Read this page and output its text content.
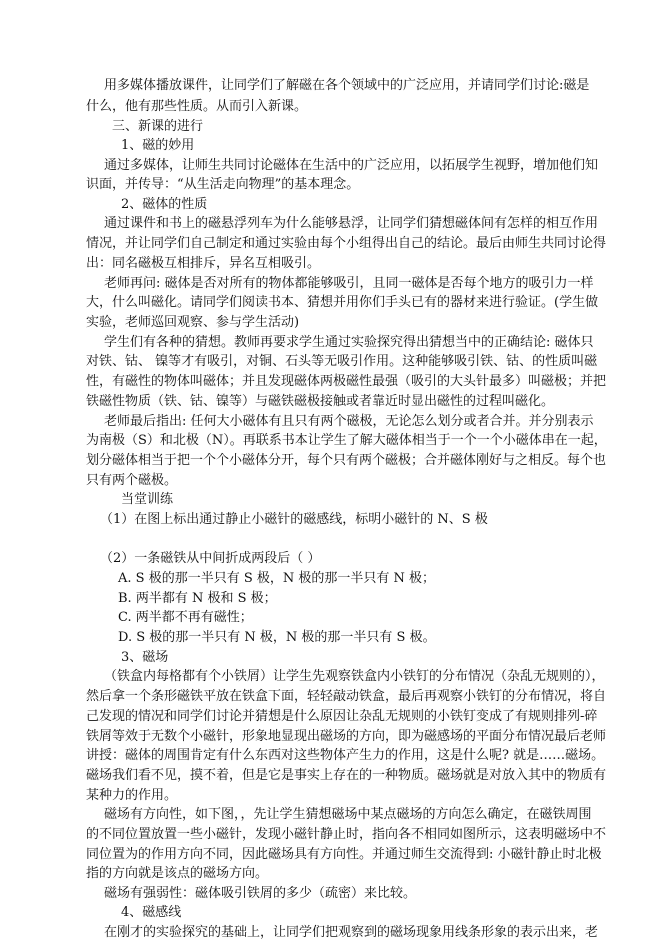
用多媒体播放课件，让同学们了解磁在各个领域中的广泛应用，并请同学们讨论:磁是
什么，他有那些性质。从而引入新课。
三、新课的进行
1、磁的妙用
通过多媒体，让师生共同讨论磁体在生活中的广泛应用，以拓展学生视野，增加他们知
识面，并传导：“从生活走向物理”的基本理念。
2、磁体的性质
通过课件和书上的磁悬浮列车为什么能够悬浮，让同学们猜想磁体间有怎样的相互作用
情况，并让同学们自己制定和通过实验由每个小组得出自己的结论。最后由师生共同讨论得
出：同名磁极互相排斥，异名互相吸引。
老师再问: 磁体是否对所有的物体都能够吸引，且同一磁体是否每个地方的吸引力一样
大，什么叫磁化。请同学们阅读书本、猜想并用你们手头已有的器材来进行验证。(学生做
实验，老师巡回观察、参与学生活动)
学生们有各种的猜想。教师再要求学生通过实验探究得出猜想当中的正确结论: 磁体只
对铁、钴、 镍等才有吸引，对铜、石头等无吸引作用。这种能够吸引铁、钴、的性质叫磁
性，有磁性的物体叫磁体；并且发现磁体两极磁性最强（吸引的大头针最多）叫磁极；并把
铁磁性物质（铁、钴、镍等）与磁铁磁极接触或者靠近时显出磁性的过程叫磁化。
老师最后指出: 任何大小磁体有且只有两个磁极，无论怎么划分或者合并。并分别表示
为南极（S）和北极（N）。再联系书本让学生了解大磁体相当于一个一个小磁体串在一起，
划分磁体相当于把一个个小磁体分开，每个只有两个磁极；合并磁体刚好与之相反。每个也
只有两个磁极。
当堂训练
（1）在图上标出通过静止小磁针的磁感线，标明小磁针的 N、S 极
（2）一条磁铁从中间折成两段后（ ）
A. S 极的那一半只有 S 极，N 极的那一半只有 N 极；
B. 两半都有 N 极和 S 极；
C. 两半都不再有磁性；
D. S 极的那一半只有 N 极，N 极的那一半只有 S 极。
3、磁场
（铁盒内每格都有个小铁屑）让学生先观察铁盒内小铁钉的分布情况（杂乱无规则的），
然后拿一个条形磁铁平放在铁盒下面，轻轻敲动铁盒，最后再观察小铁钉的分布情况，将自
己发现的情况和同学们讨论并猜想是什么原因让杂乱无规则的小铁钉变成了有规则排列-碎
铁屑等效于无数个小磁针，形象地显现出磁场的方向，即为磁感场的平面分布情况最后老师
讲授：磁体的周围肯定有什么东西对这些物体产生力的作用，这是什么呢? 就是……磁场。
磁场我们看不见，摸不着，但是它是事实上存在的一种物质。磁场就是对放入其中的物质有
某种力的作用。
磁场有方向性，如下图，，先让学生猜想磁场中某点磁场的方向怎么确定，在磁铁周围
的不同位置放置一些小磁针，发现小磁针静止时，指向各不相同如图所示，这表明磁场中不
同位置为的作用方向不同，因此磁场具有方向性。并通过师生交流得到: 小磁针静止时北极
指的方向就是该点的磁场方向。
磁场有强弱性：磁体吸引铁屑的多少（疏密）来比较。
4、磁感线
在刚才的实验探究的基础上，让同学们把观察到的磁场现象用线条形象的表示出来，老
